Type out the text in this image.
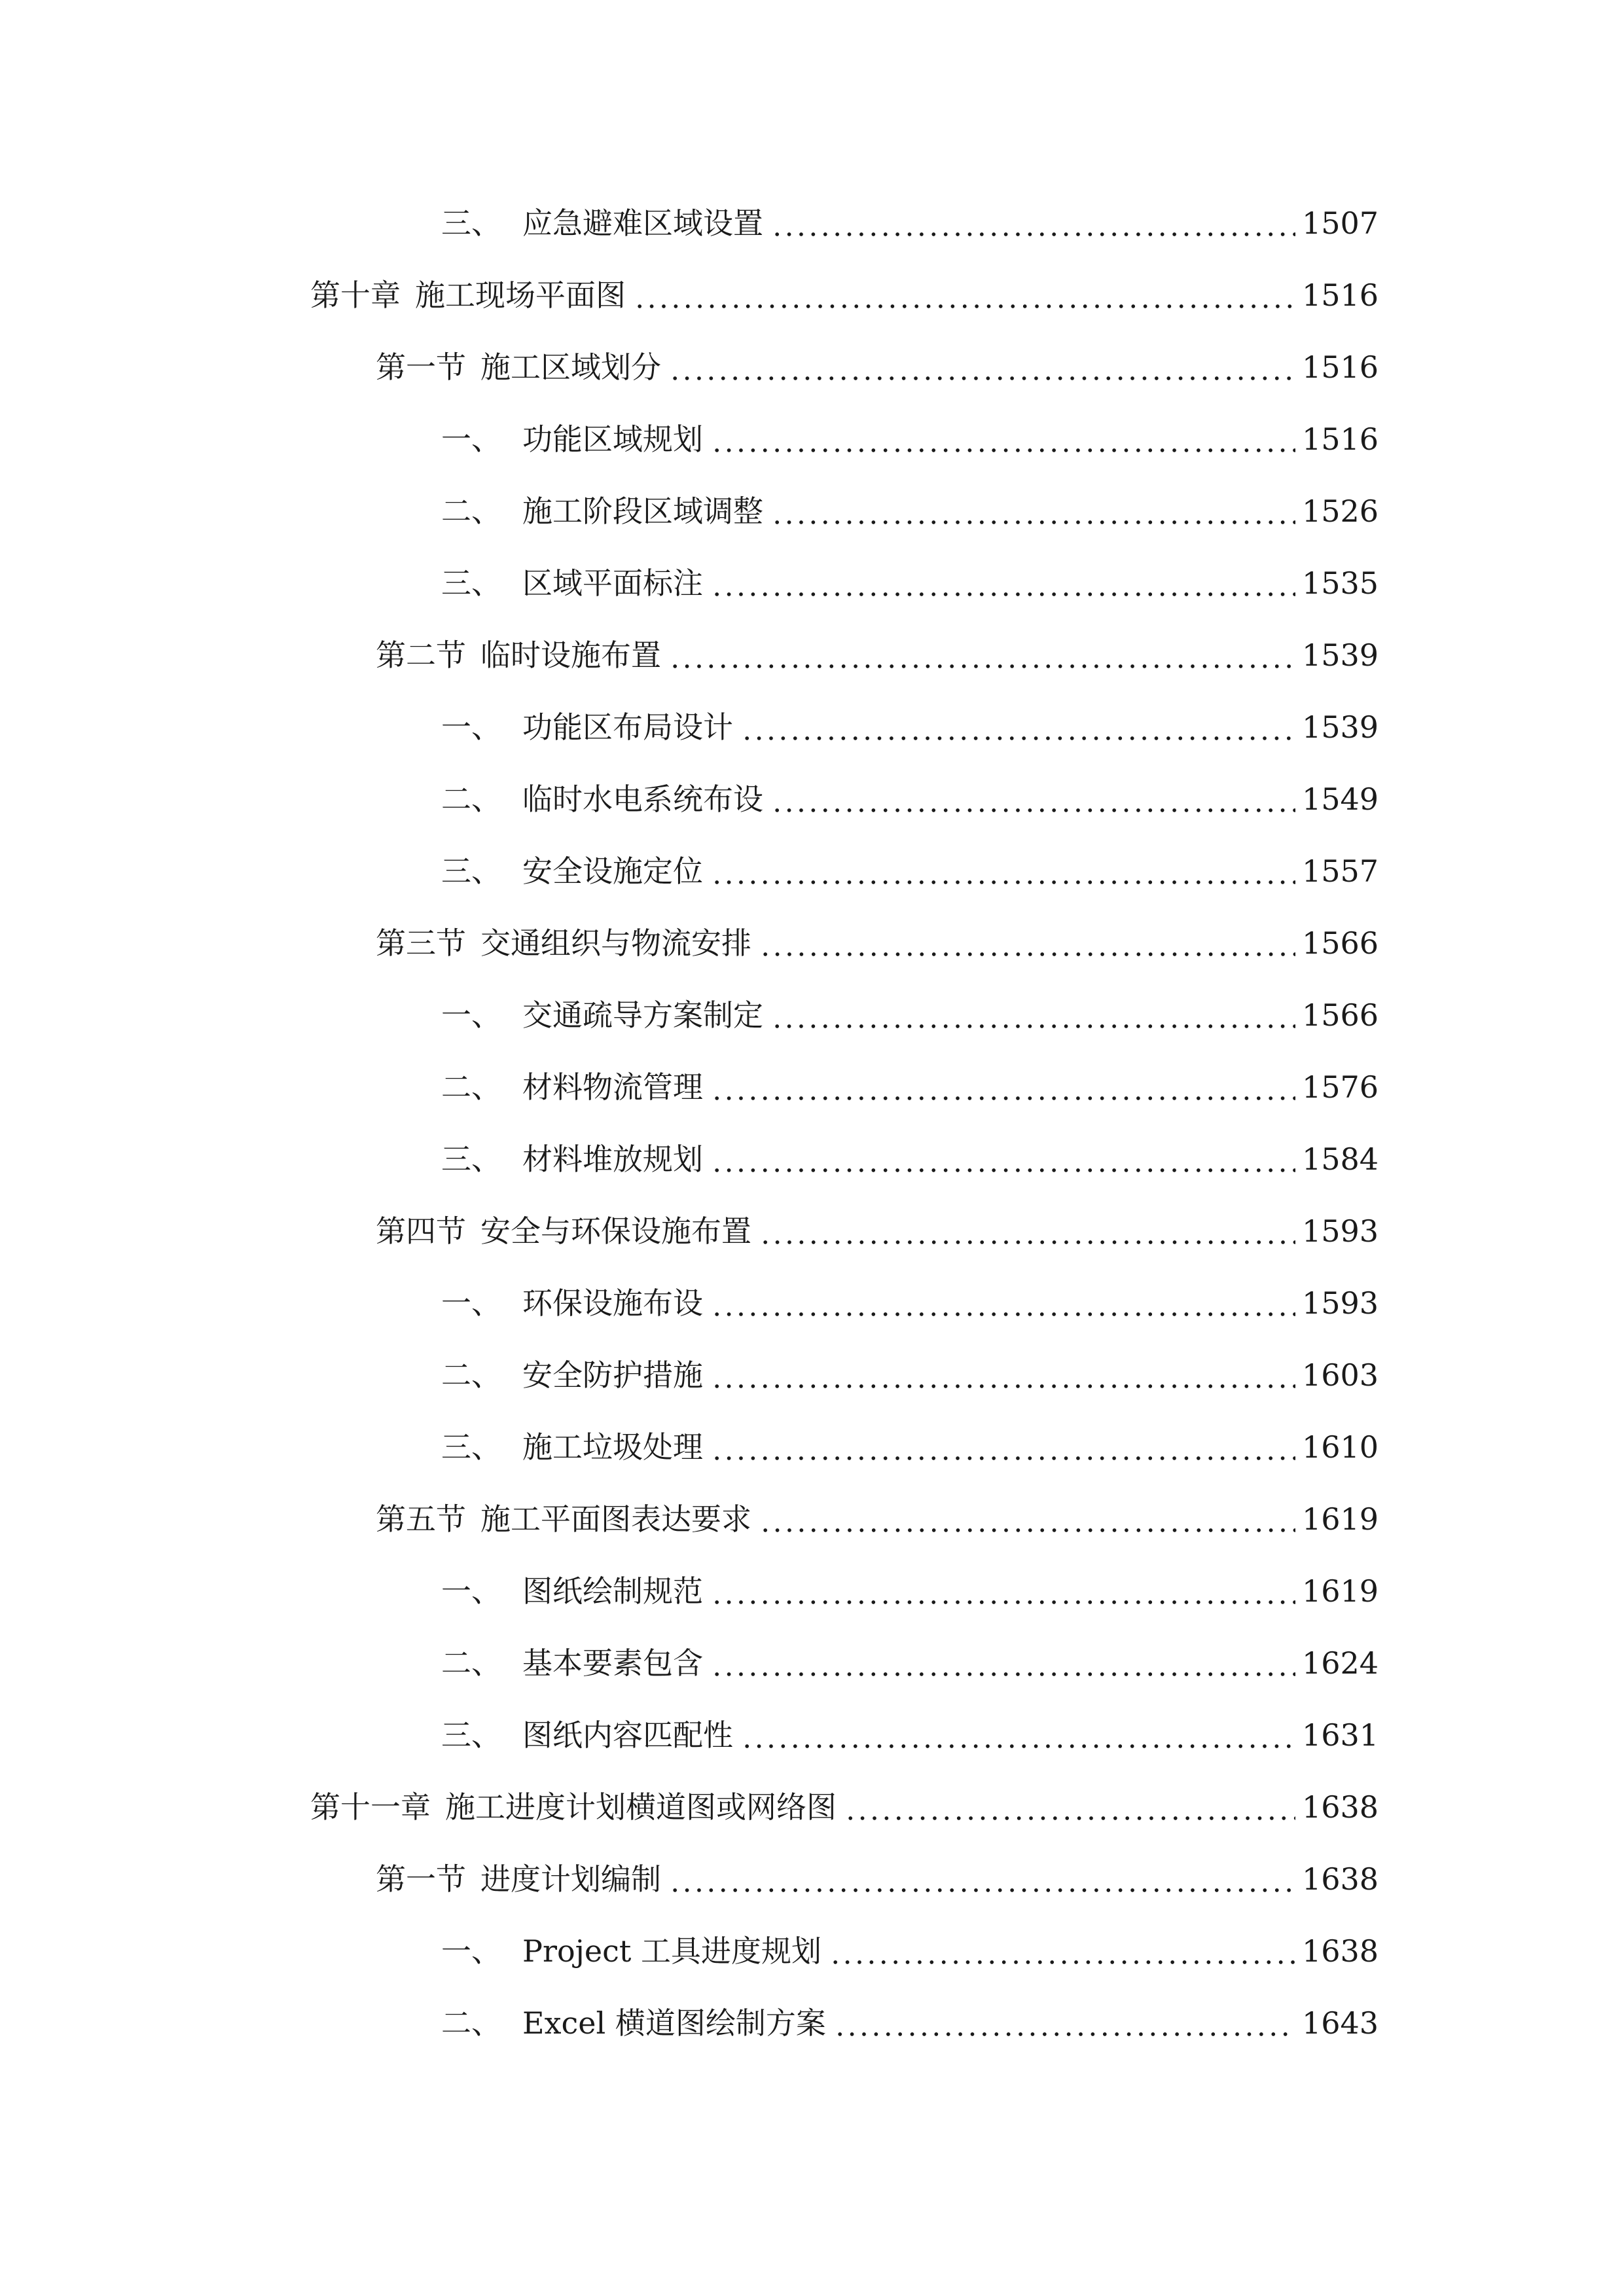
三、 应急避难区域设置	1507
第十章 施工现场平面图	1516
第一节 施工区域划分	1516
一、 功能区域规划	1516
二、 施工阶段区域调整	1526
三、 区域平面标注	1535
第二节 临时设施布置	1539
一、 功能区布局设计	1539
二、 临时水电系统布设	1549
三、 安全设施定位	1557
第三节 交通组织与物流安排	1566
一、 交通疏导方案制定	1566
二、 材料物流管理	1576
三、 材料堆放规划	1584
第四节 安全与环保设施布置	1593
一、 环保设施布设	1593
二、 安全防护措施	1603
三、 施工垃圾处理	1610
第五节 施工平面图表达要求	1619
一、 图纸绘制规范	1619
二、 基本要素包含	1624
三、 图纸内容匹配性	1631
第十一章 施工进度计划横道图或网络图	1638
第一节 进度计划编制	1638
一、 Project 工具进度规划	1638
二、 Excel 横道图绘制方案	1643
